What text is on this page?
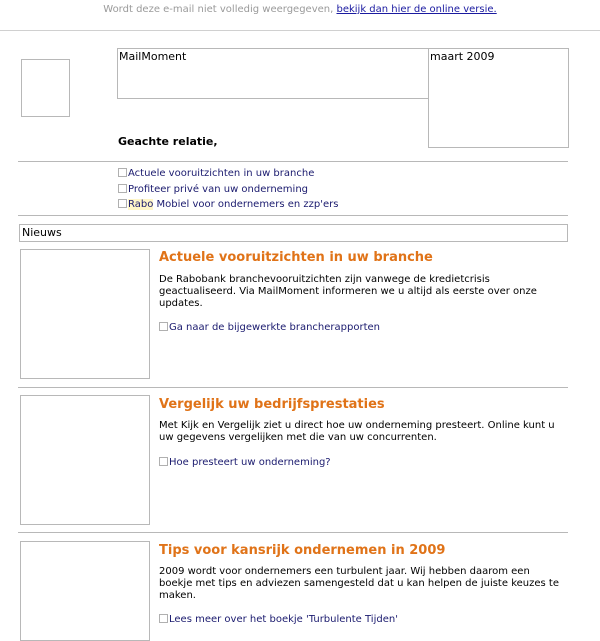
Wordt deze e-mail niet volledig weergegeven, bekijk dan hier de online versie.
MailMoment	maart 2009
Geachte relatie,
Actuele vooruitzichten in uw branche
Profiteer privé van uw onderneming
Rabo Mobiel voor ondernemers en zzp'ers
Nieuws
Actuele vooruitzichten in uw branche
De Rabobank branchevooruitzichten zijn vanwege de kredietcrisis geactualiseerd. Via MailMoment informeren we u altijd als eerste over onze updates.
Ga naar de bijgewerkte brancherapporten
Vergelijk uw bedrijfsprestaties
Met Kijk en Vergelijk ziet u direct hoe uw onderneming presteert. Online kunt u uw gegevens vergelijken met die van uw concurrenten.
Hoe presteert uw onderneming?
Tips voor kansrijk ondernemen in 2009
2009 wordt voor ondernemers een turbulent jaar. Wij hebben daarom een boekje met tips en adviezen samengesteld dat u kan helpen de juiste keuzes te maken.
Lees meer over het boekje 'Turbulente Tijden'
